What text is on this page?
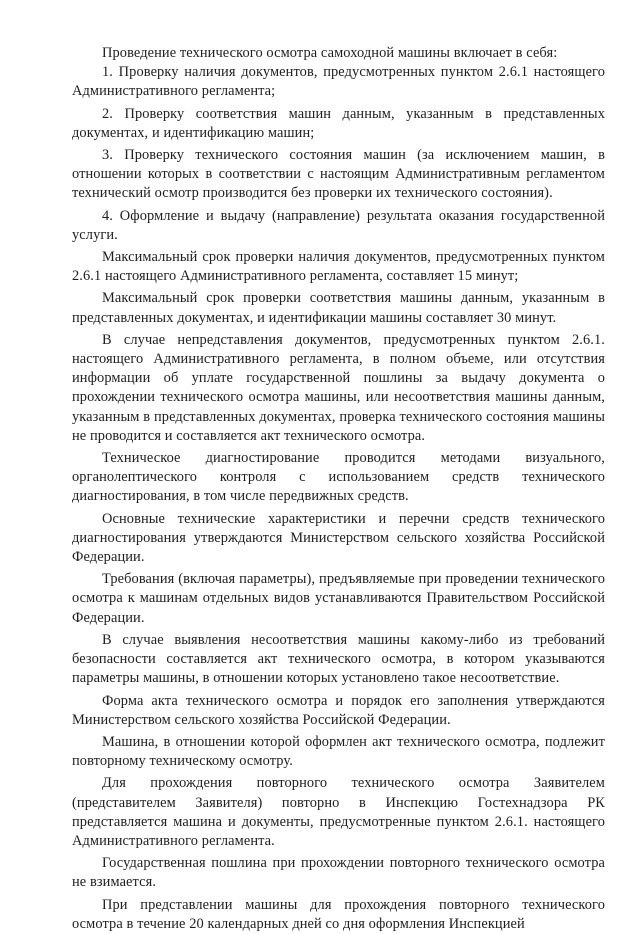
Проведение технического осмотра самоходной машины включает в себя:

1. Проверку наличия документов, предусмотренных пунктом 2.6.1 настоящего Административного регламента;

2. Проверку соответствия машин данным, указанным в представленных документах, и идентификацию машин;

3. Проверку технического состояния машин (за исключением машин, в отношении которых в соответствии с настоящим Административным регламентом технический осмотр производится без проверки их технического состояния).

4. Оформление и выдачу (направление) результата оказания государственной услуги.

Максимальный срок проверки наличия документов, предусмотренных пунктом 2.6.1 настоящего Административного регламента, составляет 15 минут;

Максимальный срок проверки соответствия машины данным, указанным в представленных документах, и идентификации машины составляет 30 минут.

В случае непредставления документов, предусмотренных пунктом 2.6.1. настоящего Административного регламента, в полном объеме, или отсутствия информации об уплате государственной пошлины за выдачу документа о прохождении технического осмотра машины, или несоответствия машины данным, указанным в представленных документах, проверка технического состояния машины не проводится и составляется акт технического осмотра.

Техническое диагностирование проводится методами визуального, органолептического контроля с использованием средств технического диагностирования, в том числе передвижных средств.

Основные технические характеристики и перечни средств технического диагностирования утверждаются Министерством сельского хозяйства Российской Федерации.

Требования (включая параметры), предъявляемые при проведении технического осмотра к машинам отдельных видов устанавливаются Правительством Российской Федерации.

В случае выявления несоответствия машины какому-либо из требований безопасности составляется акт технического осмотра, в котором указываются параметры машины, в отношении которых установлено такое несоответствие.

Форма акта технического осмотра и порядок его заполнения утверждаются Министерством сельского хозяйства Российской Федерации.

Машина, в отношении которой оформлен акт технического осмотра, подлежит повторному техническому осмотру.

Для прохождения повторного технического осмотра Заявителем (представителем Заявителя) повторно в Инспекцию Гостехнадзора РК представляется машина и документы, предусмотренные пунктом 2.6.1. настоящего Административного регламента.

Государственная пошлина при прохождении повторного технического осмотра не взимается.

При представлении машины для прохождения повторного технического осмотра в течение 20 календарных дней со дня оформления Инспекцией
